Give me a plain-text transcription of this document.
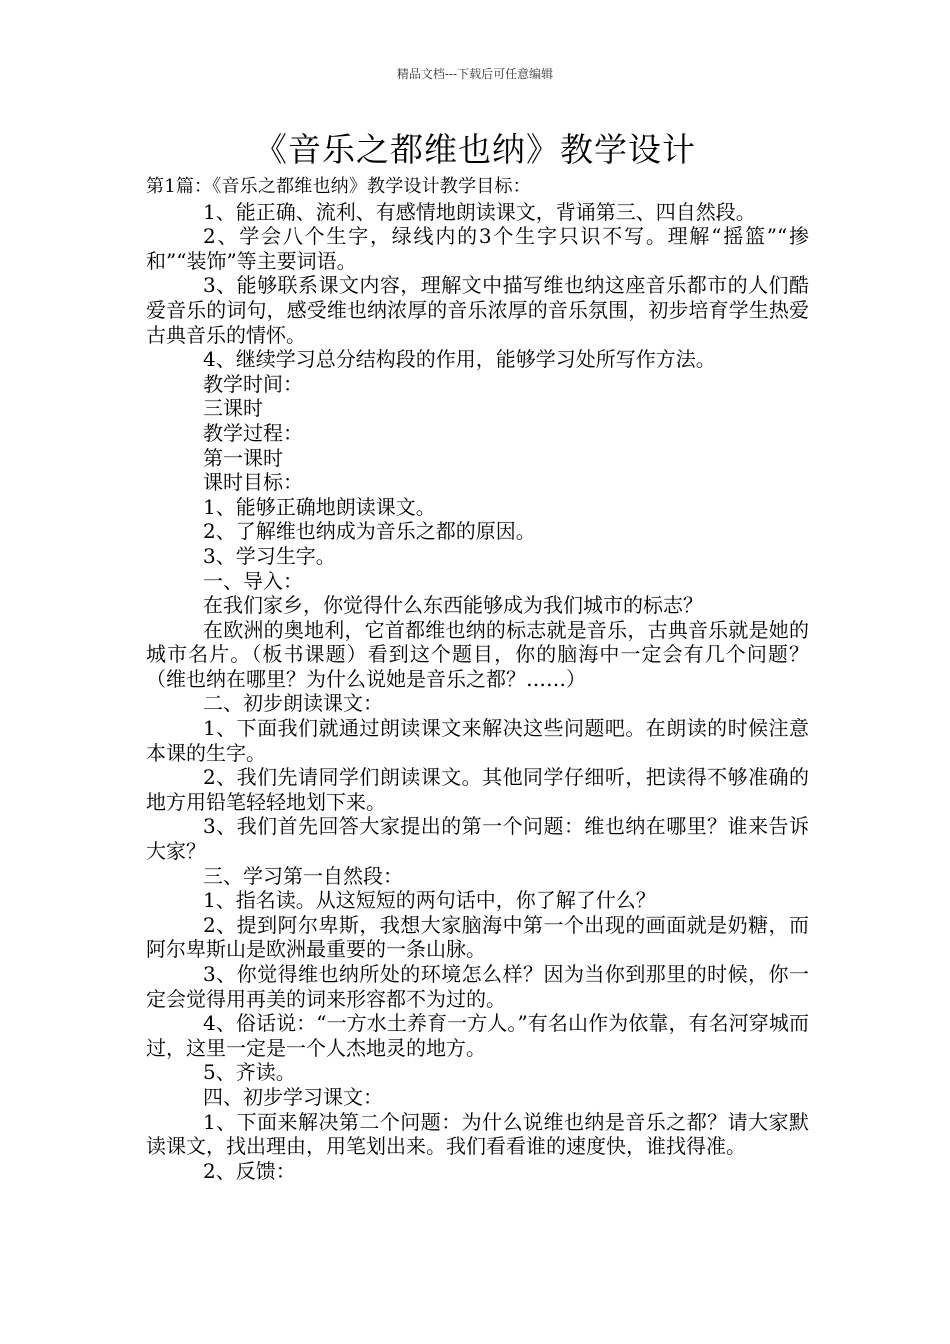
精品文档---下载后可任意编辑
《音乐之都维也纳》教学设计

第1篇：《音乐之都维也纳》教学设计教学目标：

1、能正确、流利、有感情地朗读课文，背诵第三、四自然段。

2、学会八个生字，绿线内的3个生字只识不写。理解“摇篮”“掺和”“装饰”等主要词语。

3、能够联系课文内容，理解文中描写维也纳这座音乐都市的人们酷爱音乐的词句，感受维也纳浓厚的音乐浓厚的音乐氛围，初步培育学生热爱古典音乐的情怀。

4、继续学习总分结构段的作用，能够学习处所写作方法。

教学时间：

三课时

教学过程：

第一课时

课时目标：

1、能够正确地朗读课文。

2、了解维也纳成为音乐之都的原因。

3、学习生字。

一、导入：

在我们家乡，你觉得什么东西能够成为我们城市的标志？

在欧洲的奥地利，它首都维也纳的标志就是音乐，古典音乐就是她的城市名片。（板书课题）看到这个题目，你的脑海中一定会有几个问题？（维也纳在哪里？为什么说她是音乐之都？……）

二、初步朗读课文：

1、下面我们就通过朗读课文来解决这些问题吧。在朗读的时候注意本课的生字。

2、我们先请同学们朗读课文。其他同学仔细听，把读得不够准确的地方用铅笔轻轻地划下来。

3、我们首先回答大家提出的第一个问题：维也纳在哪里？谁来告诉大家？

三、学习第一自然段：

1、指名读。从这短短的两句话中，你了解了什么？

2、提到阿尔卑斯，我想大家脑海中第一个出现的画面就是奶糖，而阿尔卑斯山是欧洲最重要的一条山脉。

3、你觉得维也纳所处的环境怎么样？因为当你到那里的时候，你一定会觉得用再美的词来形容都不为过的。

4、俗话说：“一方水土养育一方人。”有名山作为依靠，有名河穿城而过，这里一定是一个人杰地灵的地方。

5、齐读。

四、初步学习课文：

1、下面来解决第二个问题：为什么说维也纳是音乐之都？请大家默读课文，找出理由，用笔划出来。我们看看谁的速度快，谁找得准。

2、反馈：
